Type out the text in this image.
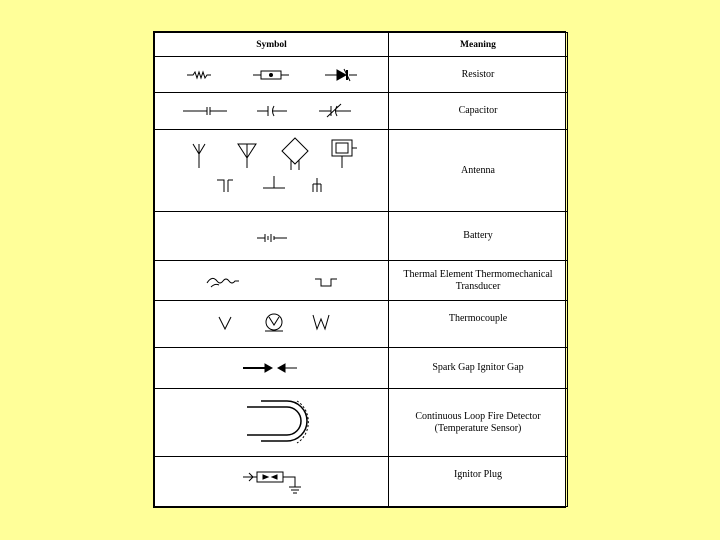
Symbol	Meaning

	Resistor

	Capacitor

	Antenna

	Battery

	Thermal Element Thermomechanical Transducer

	Thermocouple

	Spark Gap Ignitor Gap

	Continuous Loop Fire Detector (Temperature Sensor)

	Ignitor Plug
